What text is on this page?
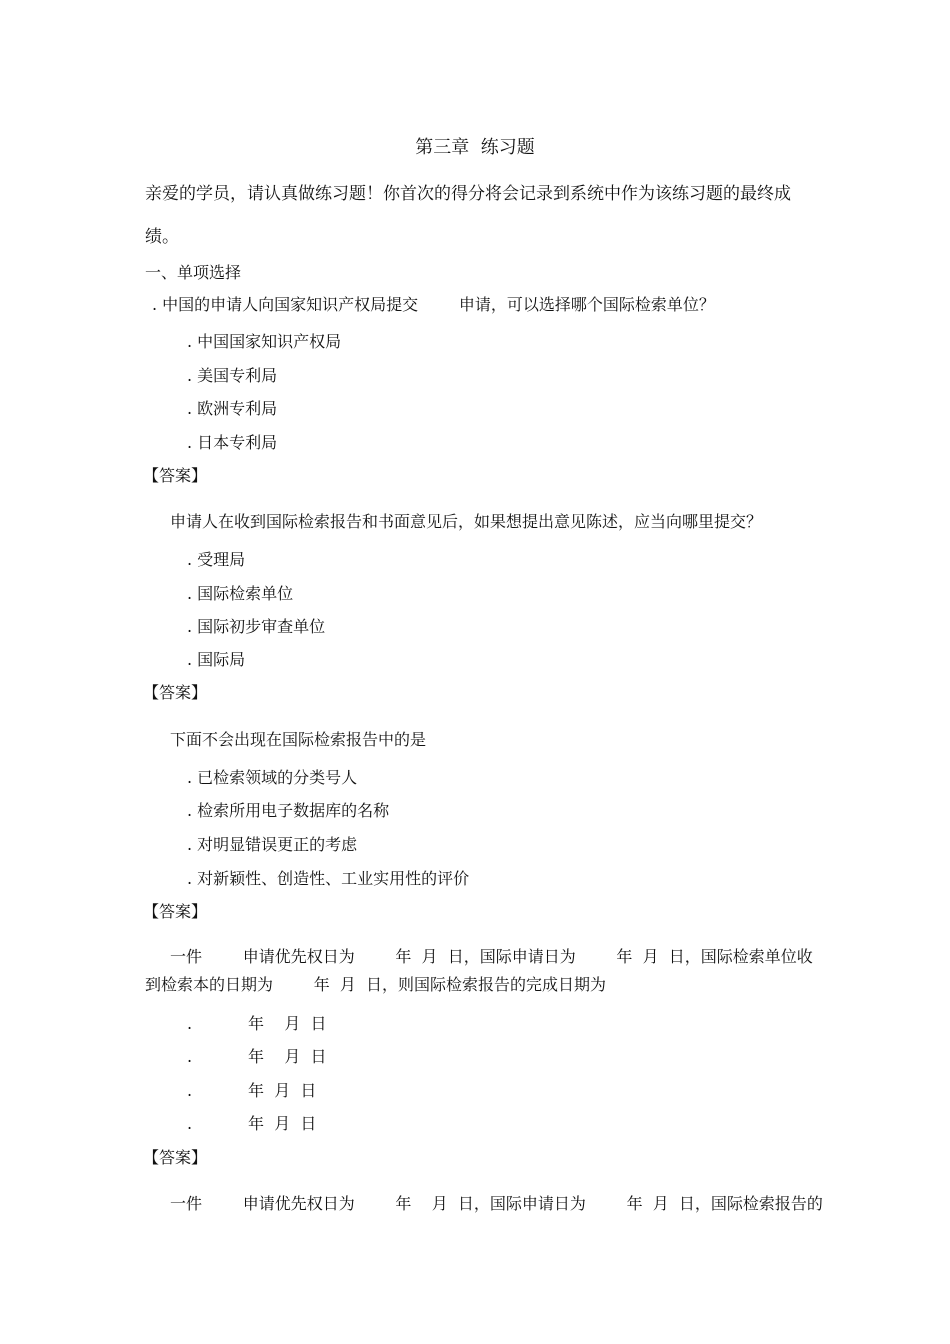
第三章  练习题
亲爱的学员，请认真做练习题！你首次的得分将会记录到系统中作为该练习题的最终成
绩。
一、单项选择
. 中国的申请人向国家知识产权局提交        申请，可以选择哪个国际检索单位？
. 中国国家知识产权局
. 美国专利局
. 欧洲专利局
. 日本专利局
【答案】
申请人在收到国际检索报告和书面意见后，如果想提出意见陈述，应当向哪里提交？
. 受理局
. 国际检索单位
. 国际初步审查单位
. 国际局
【答案】
下面不会出现在国际检索报告中的是
. 已检索领域的分类号人
. 检索所用电子数据库的名称
. 对明显错误更正的考虑
. 对新颖性、创造性、工业实用性的评价
【答案】
一件        申请优先权日为        年  月  日，国际申请日为        年  月  日，国际检索单位收
到检索本的日期为        年  月  日，则国际检索报告的完成日期为
.           年    月  日
.           年    月  日
.           年  月  日
.           年  月  日
【答案】
一件        申请优先权日为        年    月  日，国际申请日为        年  月  日，国际检索报告的
